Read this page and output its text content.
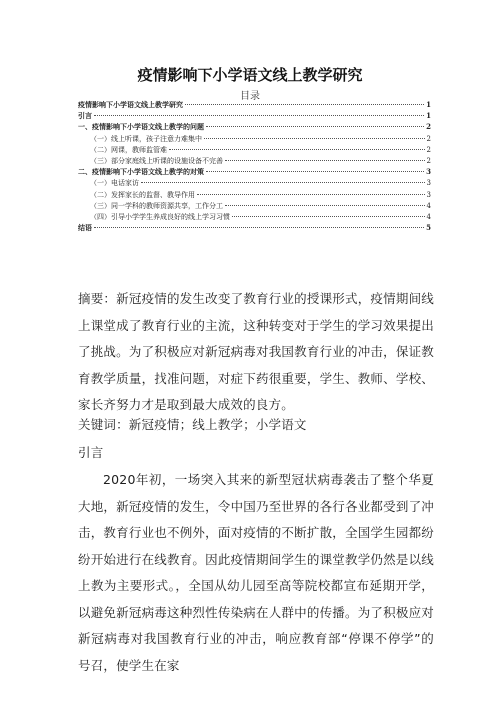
疫情影响下小学语文线上教学研究
目录
疫情影响下小学语文线上教学研究	1
引言	1
一、疫情影响下小学语文线上教学的问题	2
（一）线上听课，孩子注意力难集中	2
（二）网课，教师监管难	2
（三）部分家庭线上听课的设施设备不完善	2
二、疫情影响下小学语文线上教学的对策	3
（一）电话家访	3
（二）发挥家长的监督、教导作用	3
（三）同一学科的教师资源共享，工作分工	4
（四）引导小学学生养成良好的线上学习习惯	4
结语	5

摘要：新冠疫情的发生改变了教育行业的授课形式，疫情期间线上课堂成了教育行业的主流，这种转变对于学生的学习效果提出了挑战。为了积极应对新冠病毒对我国教育行业的冲击，保证教育教学质量，找准问题，对症下药很重要，学生、教师、学校、家长齐努力才是取到最大成效的良方。

关键词：新冠疫情；线上教学；小学语文

引言

2020年初，一场突入其来的新型冠状病毒袭击了整个华夏大地，新冠疫情的发生，令中国乃至世界的各行各业都受到了冲击，教育行业也不例外，面对疫情的不断扩散，全国学生园都纷纷开始进行在线教育。因此疫情期间学生的课堂教学仍然是以线上教为主要形式。，全国从幼儿园至高等院校都宣布延期开学，以避免新冠病毒这种烈性传染病在人群中的传播。为了积极应对新冠病毒对我国教育行业的冲击，响应教育部“停课不停学”的号召，使学生在家
